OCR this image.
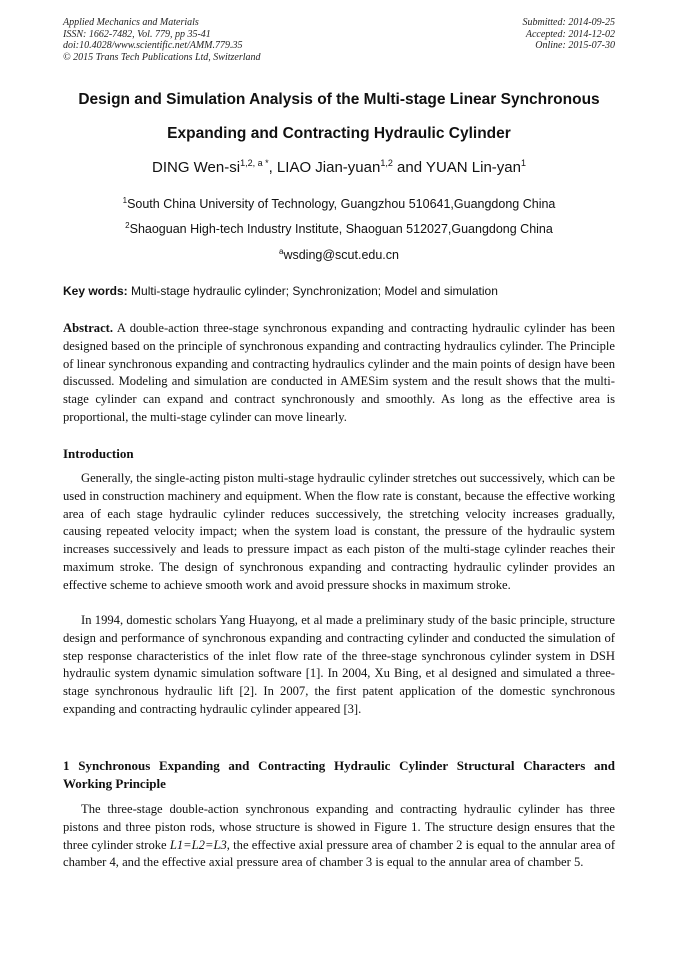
Applied Mechanics and Materials
ISSN: 1662-7482, Vol. 779, pp 35-41
doi:10.4028/www.scientific.net/AMM.779.35
© 2015 Trans Tech Publications Ltd, Switzerland
Submitted: 2014-09-25
Accepted: 2014-12-02
Online: 2015-07-30
Design and Simulation Analysis of the Multi-stage Linear Synchronous
Expanding and Contracting Hydraulic Cylinder
DING Wen-$si^{1,2, a *}$, LIAO Jian-yuan$^{1,2}$ and YUAN Lin-yan$^1$
$^1$South China University of Technology, Guangzhou 510641,Guangdong China
$^2$Shaoguan High-tech Industry Institute, Shaoguan 512027,Guangdong China
$^a$wsding@scut.edu.cn
Key words: Multi-stage hydraulic cylinder; Synchronization; Model and simulation
Abstract. A double-action three-stage synchronous expanding and contracting hydraulic cylinder has been designed based on the principle of synchronous expanding and contracting hydraulics cylinder. The Principle of linear synchronous expanding and contracting hydraulics cylinder and the main points of design have been discussed. Modeling and simulation are conducted in AMESim system and the result shows that the multi-stage cylinder can expand and contract synchronously and smoothly. As long as the effective area is proportional, the multi-stage cylinder can move linearly.
Introduction
Generally, the single-acting piston multi-stage hydraulic cylinder stretches out successively, which can be used in construction machinery and equipment. When the flow rate is constant, because the effective working area of each stage hydraulic cylinder reduces successively, the stretching velocity increases gradually, causing repeated velocity impact; when the system load is constant, the pressure of the hydraulic system increases successively and leads to pressure impact as each piston of the multi-stage cylinder reaches their maximum stroke. The design of synchronous expanding and contracting hydraulic cylinder provides an effective scheme to achieve smooth work and avoid pressure shocks in maximum stroke.
In 1994, domestic scholars Yang Huayong, et al made a preliminary study of the basic principle, structure design and performance of synchronous expanding and contracting cylinder and conducted the simulation of step response characteristics of the inlet flow rate of the three-stage synchronous cylinder system in DSH hydraulic system dynamic simulation software [1]. In 2004, Xu Bing, et al designed and simulated a three-stage synchronous hydraulic lift [2]. In 2007, the first patent application of the domestic synchronous expanding and contracting hydraulic cylinder appeared [3].
1 Synchronous Expanding and Contracting Hydraulic Cylinder Structural Characters and Working Principle
The three-stage double-action synchronous expanding and contracting hydraulic cylinder has three pistons and three piston rods, whose structure is showed in Figure 1. The structure design ensures that the three cylinder stroke L1=L2=L3, the effective axial pressure area of chamber 2 is equal to the annular area of chamber 4, and the effective axial pressure area of chamber 3 is equal to the annular area of chamber 5.
